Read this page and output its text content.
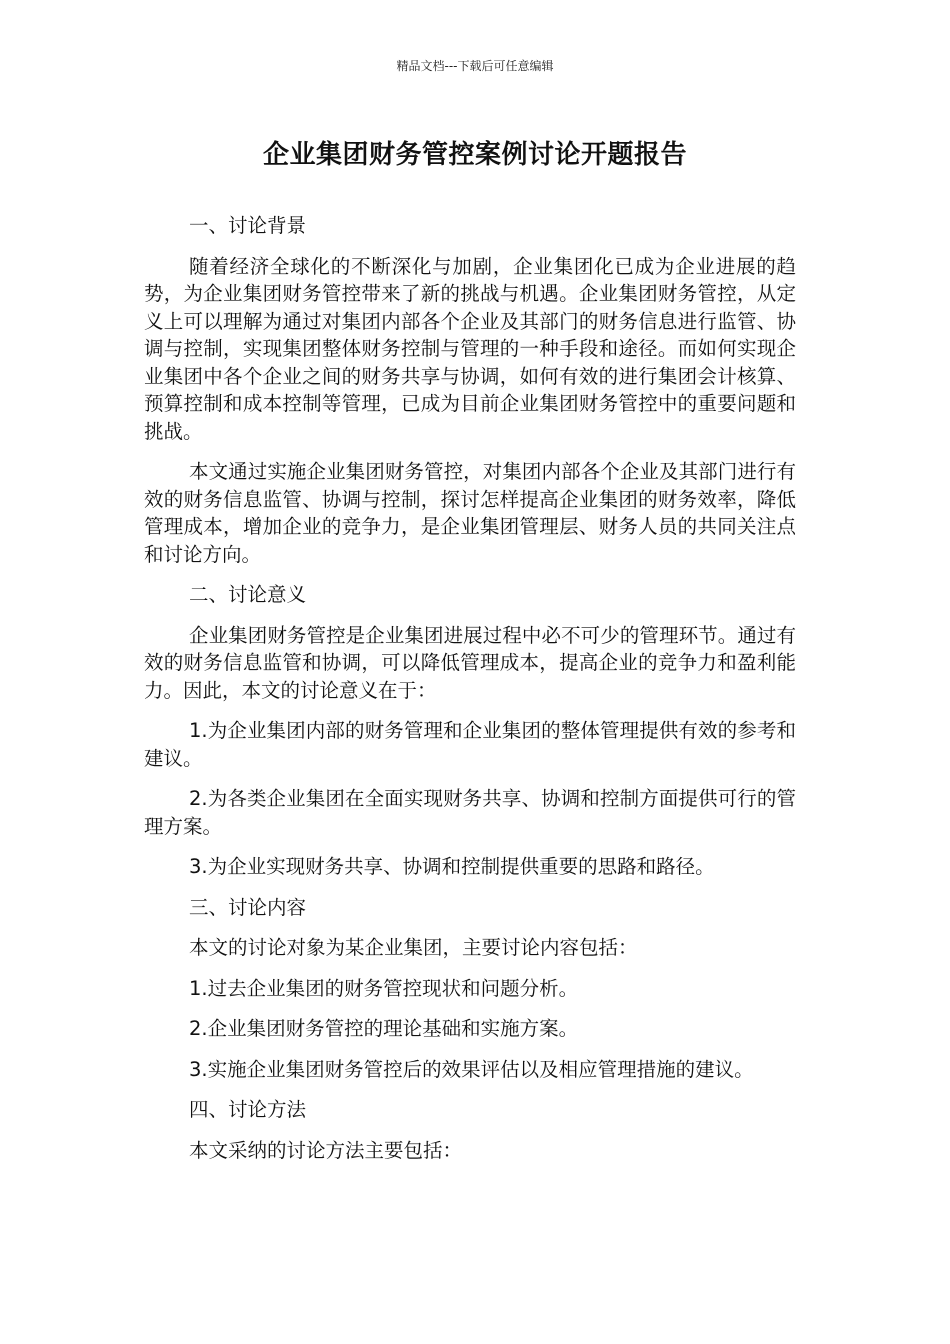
精品文档---下载后可任意编辑
企业集团财务管控案例讨论开题报告

一、讨论背景

随着经济全球化的不断深化与加剧，企业集团化已成为企业进展的趋势，为企业集团财务管控带来了新的挑战与机遇。企业集团财务管控，从定义上可以理解为通过对集团内部各个企业及其部门的财务信息进行监管、协调与控制，实现集团整体财务控制与管理的一种手段和途径。而如何实现企业集团中各个企业之间的财务共享与协调，如何有效的进行集团会计核算、预算控制和成本控制等管理，已成为目前企业集团财务管控中的重要问题和挑战。

本文通过实施企业集团财务管控，对集团内部各个企业及其部门进行有效的财务信息监管、协调与控制，探讨怎样提高企业集团的财务效率，降低管理成本，增加企业的竞争力，是企业集团管理层、财务人员的共同关注点和讨论方向。

二、讨论意义

企业集团财务管控是企业集团进展过程中必不可少的管理环节。通过有效的财务信息监管和协调，可以降低管理成本，提高企业的竞争力和盈利能力。因此，本文的讨论意义在于：

1.为企业集团内部的财务管理和企业集团的整体管理提供有效的参考和建议。

2.为各类企业集团在全面实现财务共享、协调和控制方面提供可行的管理方案。

3.为企业实现财务共享、协调和控制提供重要的思路和路径。

三、讨论内容

本文的讨论对象为某企业集团，主要讨论内容包括：

1.过去企业集团的财务管控现状和问题分析。

2.企业集团财务管控的理论基础和实施方案。

3.实施企业集团财务管控后的效果评估以及相应管理措施的建议。

四、讨论方法

本文采纳的讨论方法主要包括：
